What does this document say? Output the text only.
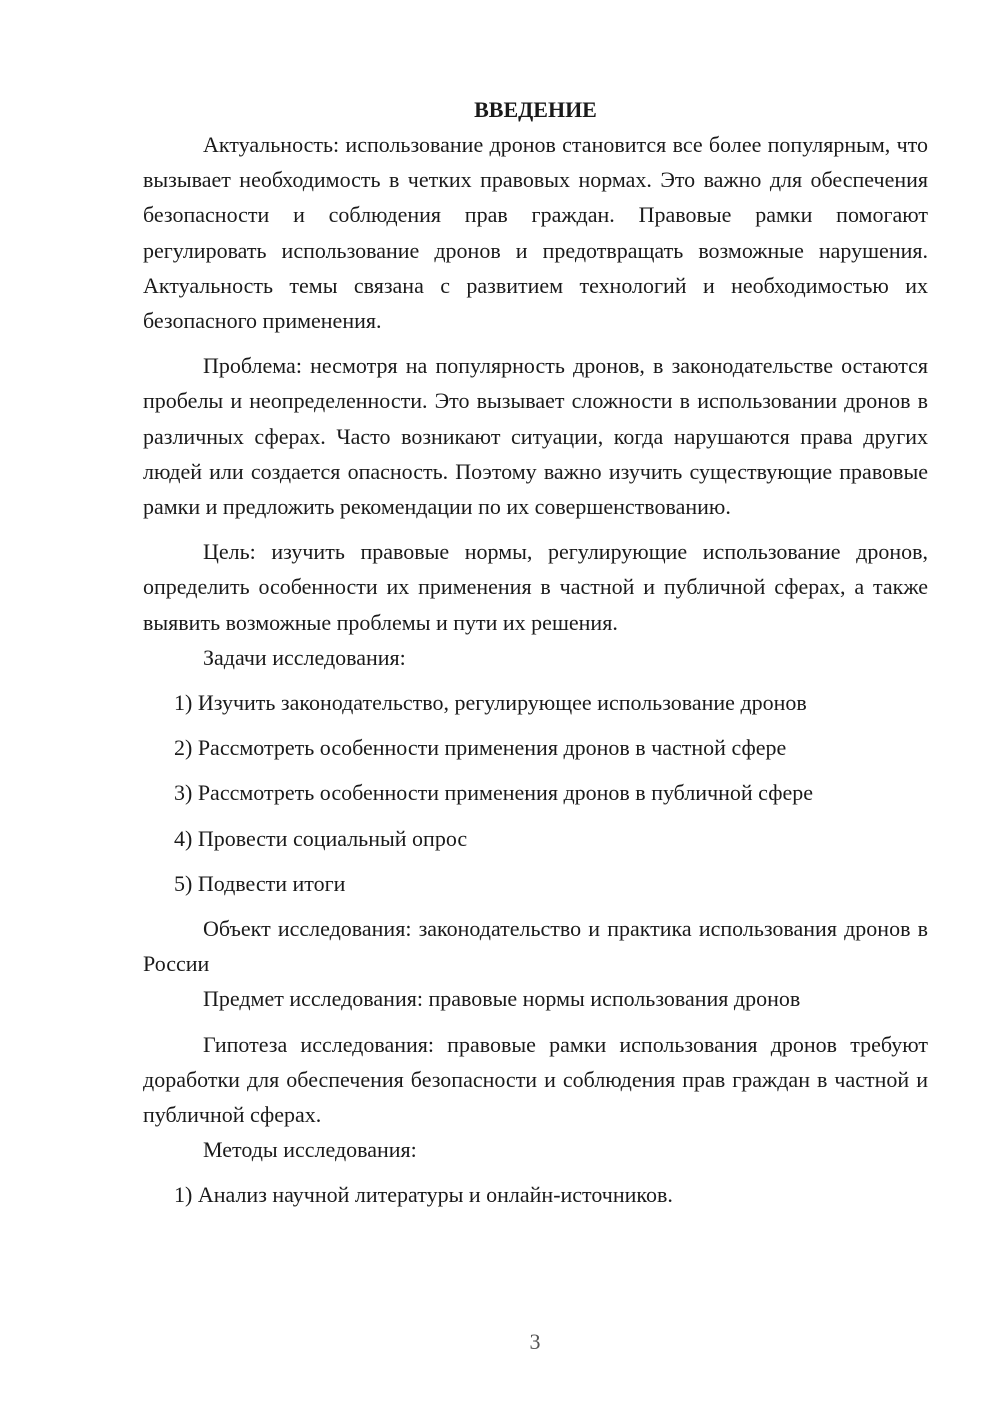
ВВЕДЕНИЕ

Актуальность: использование дронов становится все более популярным, что вызывает необходимость в четких правовых нормах. Это важно для обеспечения безопасности и соблюдения прав граждан. Правовые рамки помогают регулировать использование дронов и предотвращать возможные нарушения. Актуальность темы связана с развитием технологий и необходимостью их безопасного применения.

Проблема: несмотря на популярность дронов, в законодательстве остаются пробелы и неопределенности. Это вызывает сложности в использовании дронов в различных сферах. Часто возникают ситуации, когда нарушаются права других людей или создается опасность. Поэтому важно изучить существующие правовые рамки и предложить рекомендации по их совершенствованию.

Цель: изучить правовые нормы, регулирующие использование дронов, определить особенности их применения в частной и публичной сферах, а также выявить возможные проблемы и пути их решения.

Задачи исследования:

1) Изучить законодательство, регулирующее использование дронов

2) Рассмотреть особенности применения дронов в частной сфере

3) Рассмотреть особенности применения дронов в публичной сфере

4) Провести социальный опрос

5) Подвести итоги

Объект исследования: законодательство и практика использования дронов в России

Предмет исследования: правовые нормы использования дронов

Гипотеза исследования: правовые рамки использования дронов требуют доработки для обеспечения безопасности и соблюдения прав граждан в частной и публичной сферах.

Методы исследования:

1) Анализ научной литературы и онлайн-источников.

3
